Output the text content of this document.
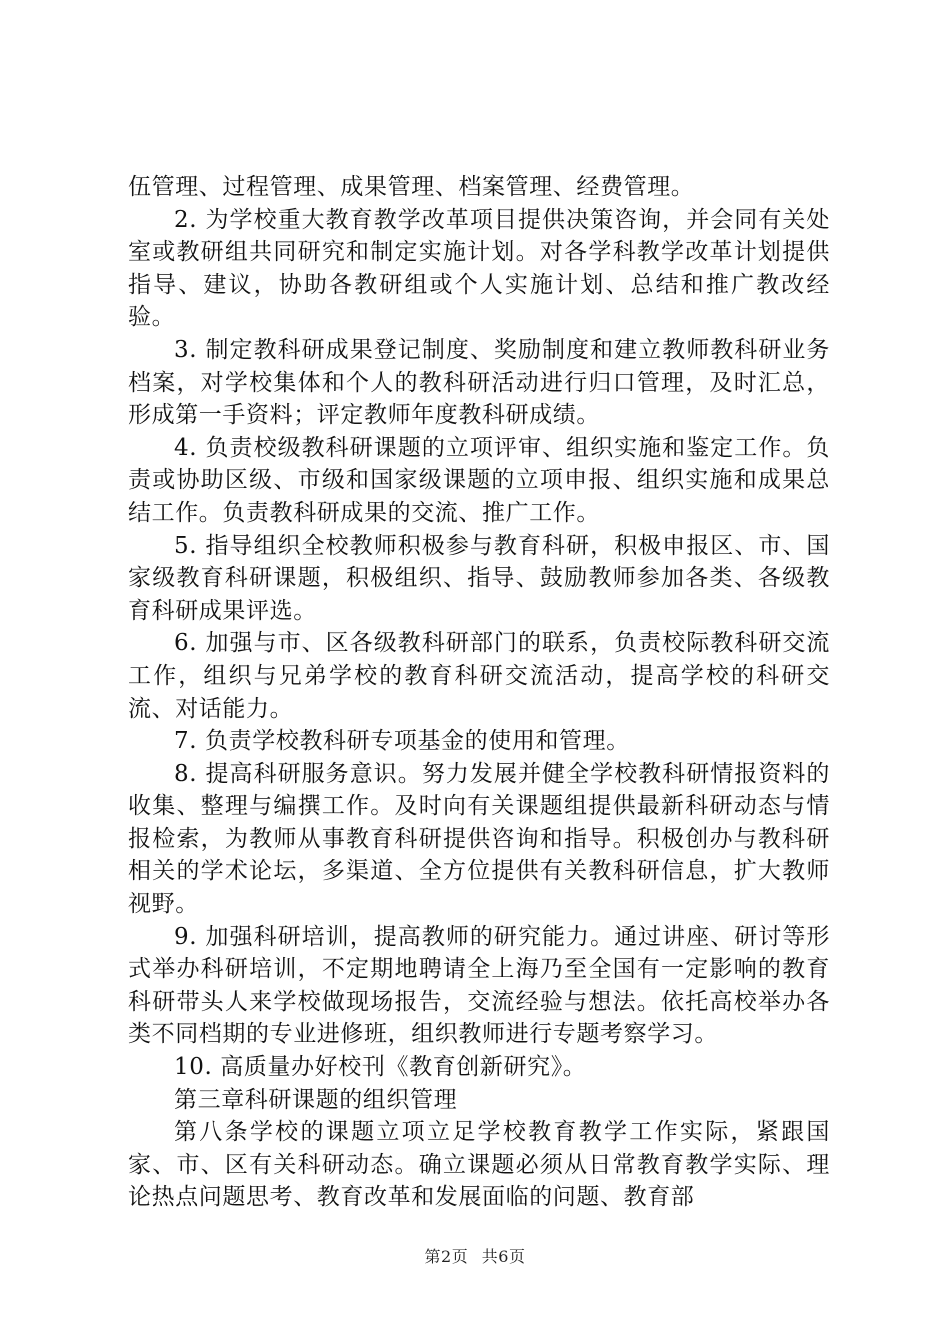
伍管理、过程管理、成果管理、档案管理、经费管理。

2. 为学校重大教育教学改革项目提供决策咨询，并会同有关处室或教研组共同研究和制定实施计划。对各学科教学改革计划提供指导、建议，协助各教研组或个人实施计划、总结和推广教改经验。

3. 制定教科研成果登记制度、奖励制度和建立教师教科研业务档案，对学校集体和个人的教科研活动进行归口管理，及时汇总，形成第一手资料；评定教师年度教科研成绩。

4. 负责校级教科研课题的立项评审、组织实施和鉴定工作。负责或协助区级、市级和国家级课题的立项申报、组织实施和成果总结工作。负责教科研成果的交流、推广工作。

5. 指导组织全校教师积极参与教育科研，积极申报区、市、国家级教育科研课题，积极组织、指导、鼓励教师参加各类、各级教育科研成果评选。

6. 加强与市、区各级教科研部门的联系，负责校际教科研交流工作，组织与兄弟学校的教育科研交流活动，提高学校的科研交流、对话能力。

7. 负责学校教科研专项基金的使用和管理。

8. 提高科研服务意识。努力发展并健全学校教科研情报资料的收集、整理与编撰工作。及时向有关课题组提供最新科研动态与情报检索，为教师从事教育科研提供咨询和指导。积极创办与教科研相关的学术论坛，多渠道、全方位提供有关教科研信息，扩大教师视野。

9. 加强科研培训，提高教师的研究能力。通过讲座、研讨等形式举办科研培训，不定期地聘请全上海乃至全国有一定影响的教育科研带头人来学校做现场报告，交流经验与想法。依托高校举办各类不同档期的专业进修班，组织教师进行专题考察学习。

10. 高质量办好校刊《教育创新研究》。

第三章科研课题的组织管理

第八条学校的课题立项立足学校教育教学工作实际，紧跟国家、市、区有关科研动态。确立课题必须从日常教育教学实际、理论热点问题思考、教育改革和发展面临的问题、教育部

第2页 共6页
